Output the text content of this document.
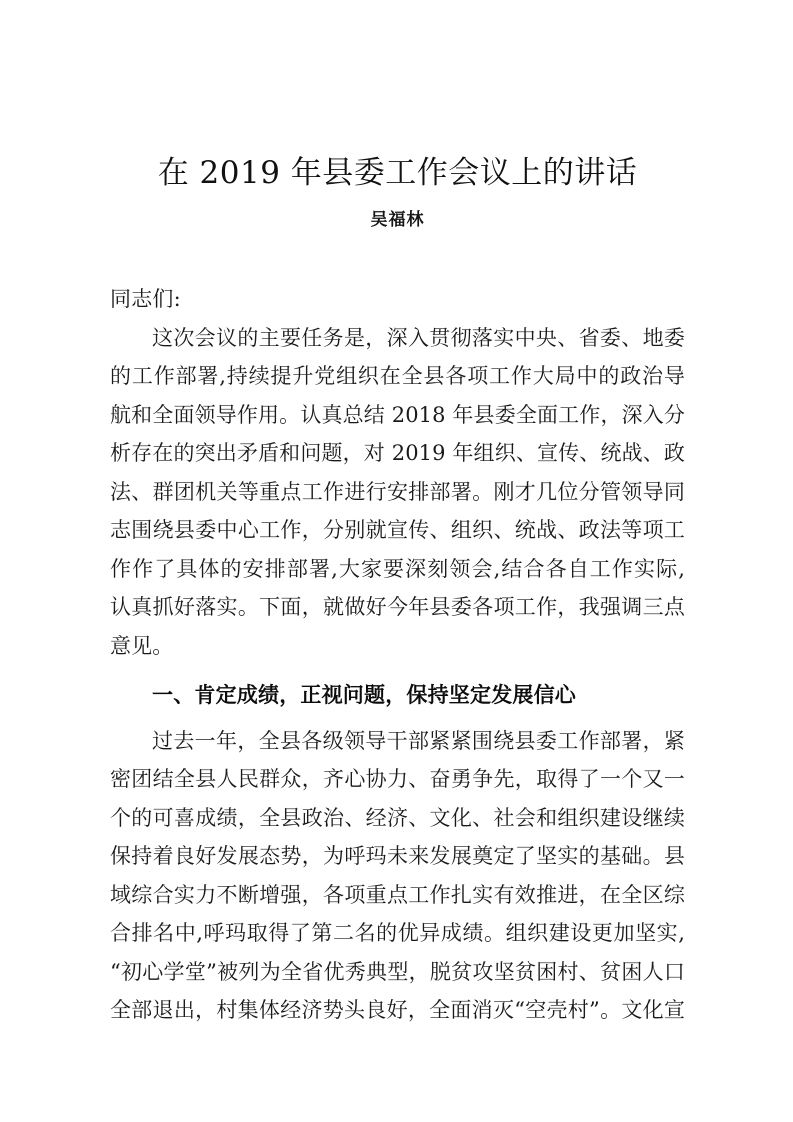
在 2019 年县委工作会议上的讲话
吴福林

同志们:

这次会议的主要任务是，深入贯彻落实中央、省委、地委
的工作部署,持续提升党组织在全县各项工作大局中的政治导
航和全面领导作用。认真总结 2018 年县委全面工作，深入分
析存在的突出矛盾和问题，对 2019 年组织、宣传、统战、政
法、群团机关等重点工作进行安排部署。刚才几位分管领导同
志围绕县委中心工作，分别就宣传、组织、统战、政法等项工
作作了具体的安排部署,大家要深刻领会,结合各自工作实际,
认真抓好落实。下面，就做好今年县委各项工作，我强调三点
意见。

一、肯定成绩，正视问题，保持坚定发展信心

过去一年，全县各级领导干部紧紧围绕县委工作部署，紧
密团结全县人民群众，齐心协力、奋勇争先，取得了一个又一
个的可喜成绩，全县政治、经济、文化、社会和组织建设继续
保持着良好发展态势，为呼玛未来发展奠定了坚实的基础。县
域综合实力不断增强，各项重点工作扎实有效推进，在全区综
合排名中,呼玛取得了第二名的优异成绩。组织建设更加坚实,
“初心学堂”被列为全省优秀典型，脱贫攻坚贫困村、贫困人口
全部退出，村集体经济势头良好，全面消灭“空壳村”。文化宣
